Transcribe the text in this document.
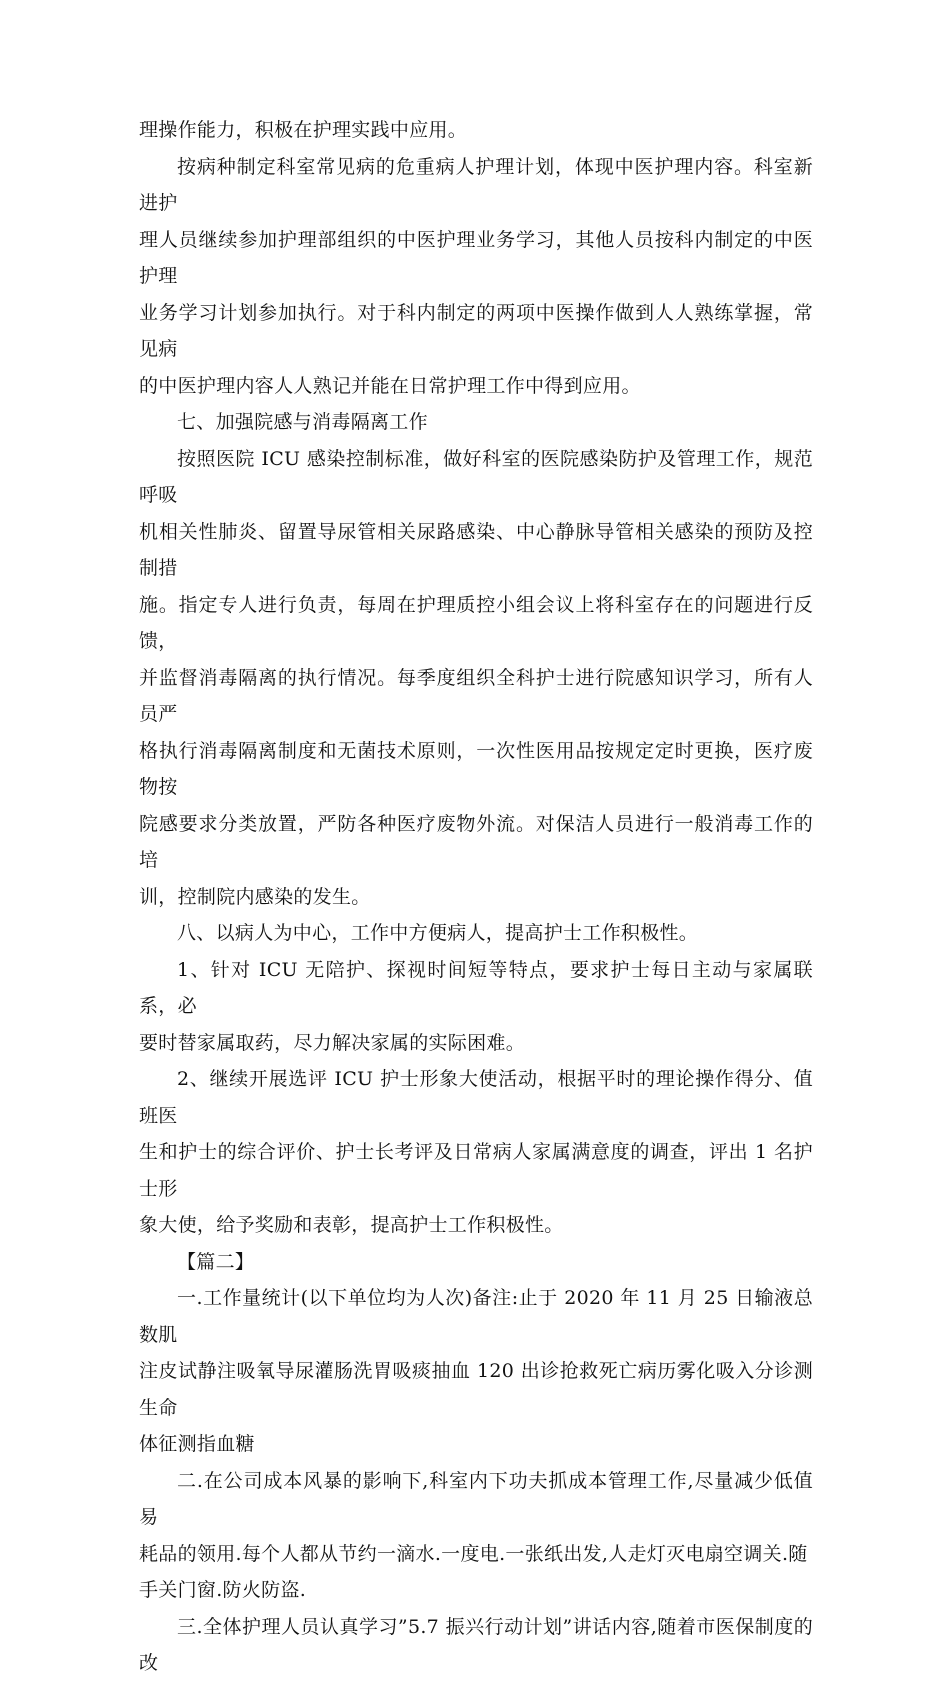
理操作能力，积极在护理实践中应用。

按病种制定科室常见病的危重病人护理计划，体现中医护理内容。科室新进护
理人员继续参加护理部组织的中医护理业务学习，其他人员按科内制定的中医护理
业务学习计划参加执行。对于科内制定的两项中医操作做到人人熟练掌握，常见病
的中医护理内容人人熟记并能在日常护理工作中得到应用。

七、加强院感与消毒隔离工作

按照医院 ICU 感染控制标准，做好科室的医院感染防护及管理工作，规范呼吸
机相关性肺炎、留置导尿管相关尿路感染、中心静脉导管相关感染的预防及控制措
施。指定专人进行负责，每周在护理质控小组会议上将科室存在的问题进行反馈，
并监督消毒隔离的执行情况。每季度组织全科护士进行院感知识学习，所有人员严
格执行消毒隔离制度和无菌技术原则，一次性医用品按规定定时更换，医疗废物按
院感要求分类放置，严防各种医疗废物外流。对保洁人员进行一般消毒工作的培
训，控制院内感染的发生。

八、以病人为中心，工作中方便病人，提高护士工作积极性。

1、针对 ICU 无陪护、探视时间短等特点，要求护士每日主动与家属联系，必
要时替家属取药，尽力解决家属的实际困难。

2、继续开展选评 ICU 护士形象大使活动，根据平时的理论操作得分、值班医
生和护士的综合评价、护士长考评及日常病人家属满意度的调查，评出 1 名护士形
象大使，给予奖励和表彰，提高护士工作积极性。

【篇二】

一.工作量统计(以下单位均为人次)备注:止于 2020 年 11 月 25 日输液总数肌
注皮试静注吸氧导尿灌肠洗胃吸痰抽血 120 出诊抢救死亡病历雾化吸入分诊测生命
体征测指血糖

二.在公司成本风暴的影响下,科室内下功夫抓成本管理工作,尽量减少低值易
耗品的领用.每个人都从节约一滴水.一度电.一张纸出发,人走灯灭电扇空调关.随
手关门窗.防火防盗.

三.全体护理人员认真学习”5.7 振兴行动计划”讲话内容,随着市医保制度的改
